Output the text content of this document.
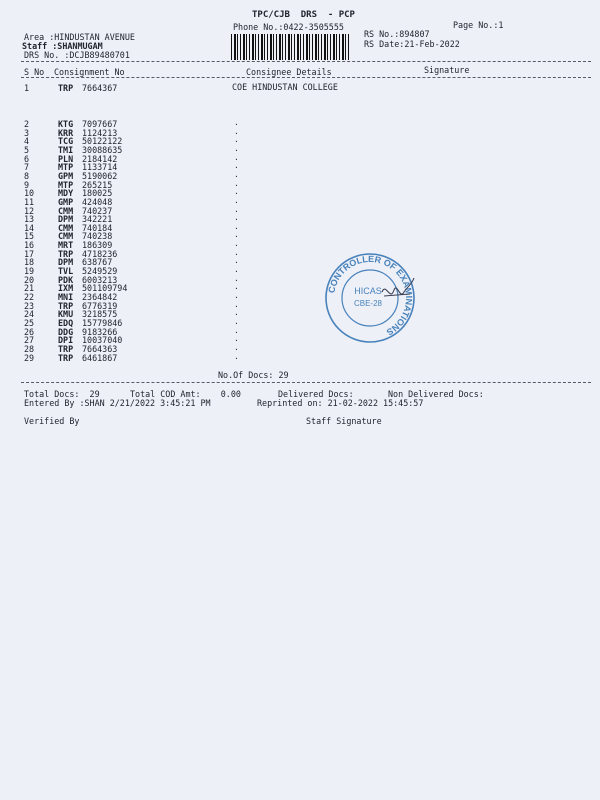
TPC/CJB  DRS  - PCP
Phone No.:0422-3505555	Page No.:1
RS No.:894807
RS Date:21-Feb-2022
Area :HINDUSTAN AVENUE
Staff :SHANMUGAM
DRS No. :DCJB89480701
S No Consignment No	Consignee Details	Signature
1	TRP 7664367	COE HINDUSTAN COLLEGE
2	KTG 7097667	.
3	KRR 1124213	.
4	TCG 50122122	.
5	TMI 30088635	.
6	PLN 2184142	.
7	MTP 1133714	.
8	GPM 5190062	.
9	MTP 265215	.
10	MDY 180025	.
11	GMP 424048	.
12	CMM 740237	.
13	DPM 342221	.
14	CMM 740184	.
15	CMM 740238	.
16	MRT 186309	.
17	TRP 4718236	.
18	DPM 638767	.
19	TVL 5249529	.
20	PDK 6003213	.
21	IXM 501109794	.
22	MNI 2364842	.
23	TRP 6776319	.
24	KMU 3218575	.
25	EDQ 15779846	.
26	DDG 9183266	.
27	DPI 10037040	.
28	TRP 7664363	.
29	TRP 6461867	.
No.Of Docs: 29
Total Docs:  29	Total COD Amt:    0.00	Delivered Docs:	Non Delivered Docs:
Entered By :SHAN 2/21/2022 3:45:21 PM	Reprinted on: 21-02-2022 15:45:57
Verified By	Staff Signature
CONTROLLER OF EXAMINATIONS
HICAS
CBE-28
